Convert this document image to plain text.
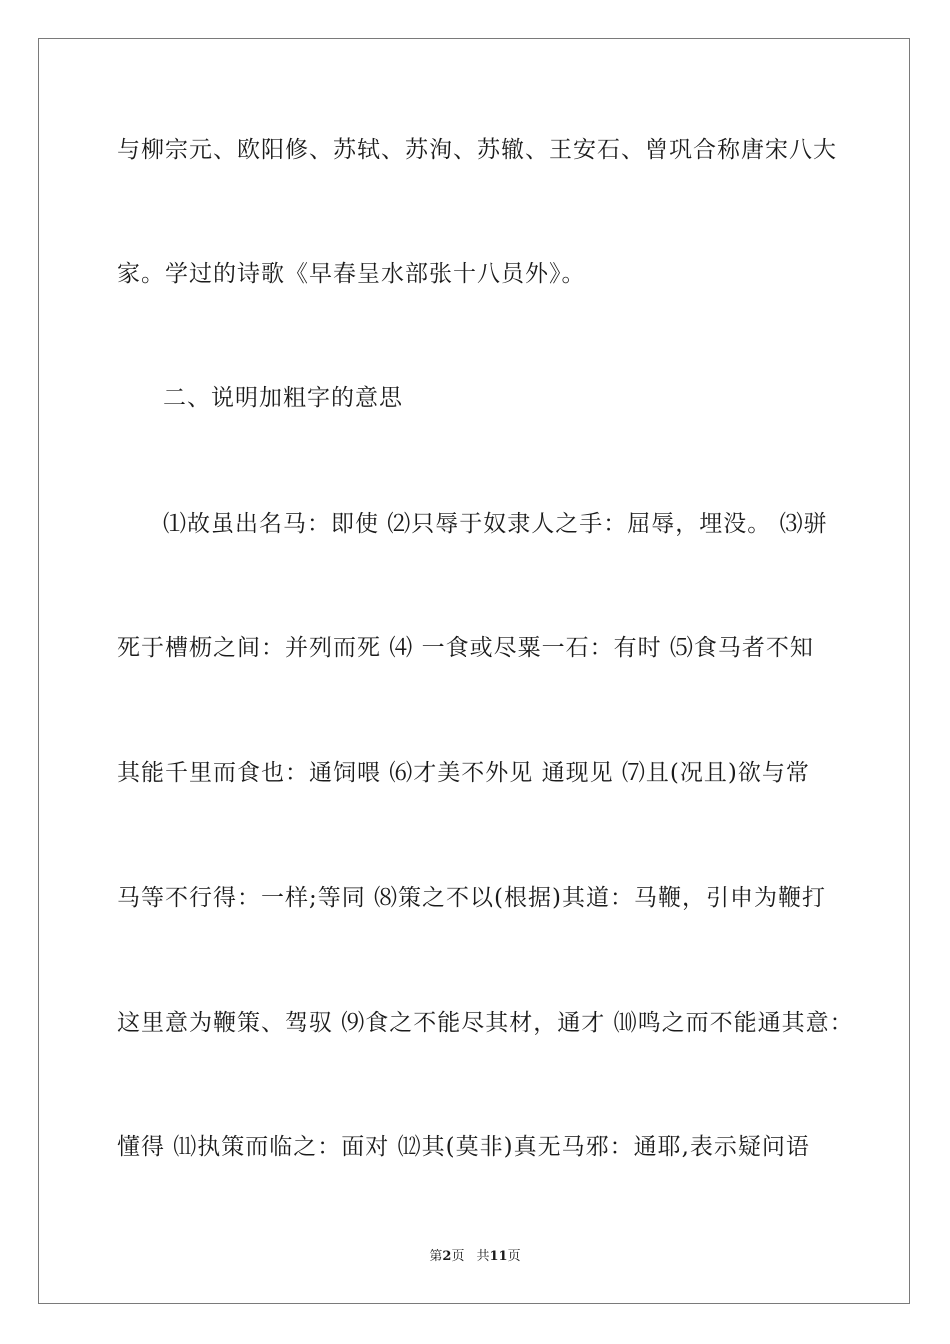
与柳宗元、欧阳修、苏轼、苏洵、苏辙、王安石、曾巩合称唐宋八大
家。学过的诗歌《早春呈水部张十八员外》。
二、说明加粗字的意思
⑴故虽出名马：即使 ⑵只辱于奴隶人之手：屈辱，埋没。 ⑶骈
死于槽枥之间：并列而死 ⑷ 一食或尽粟一石：有时 ⑸食马者不知
其能千里而食也：通饲喂 ⑹才美不外见 通现见 ⑺且(况且)欲与常
马等不行得：一样;等同 ⑻策之不以(根据)其道：马鞭，引申为鞭打
这里意为鞭策、驾驭 ⑼食之不能尽其材，通才 ⑽鸣之而不能通其意：
懂得 ⑾执策而临之：面对 ⑿其(莫非)真无马邪：通耶,表示疑问语
第2页 共11页
